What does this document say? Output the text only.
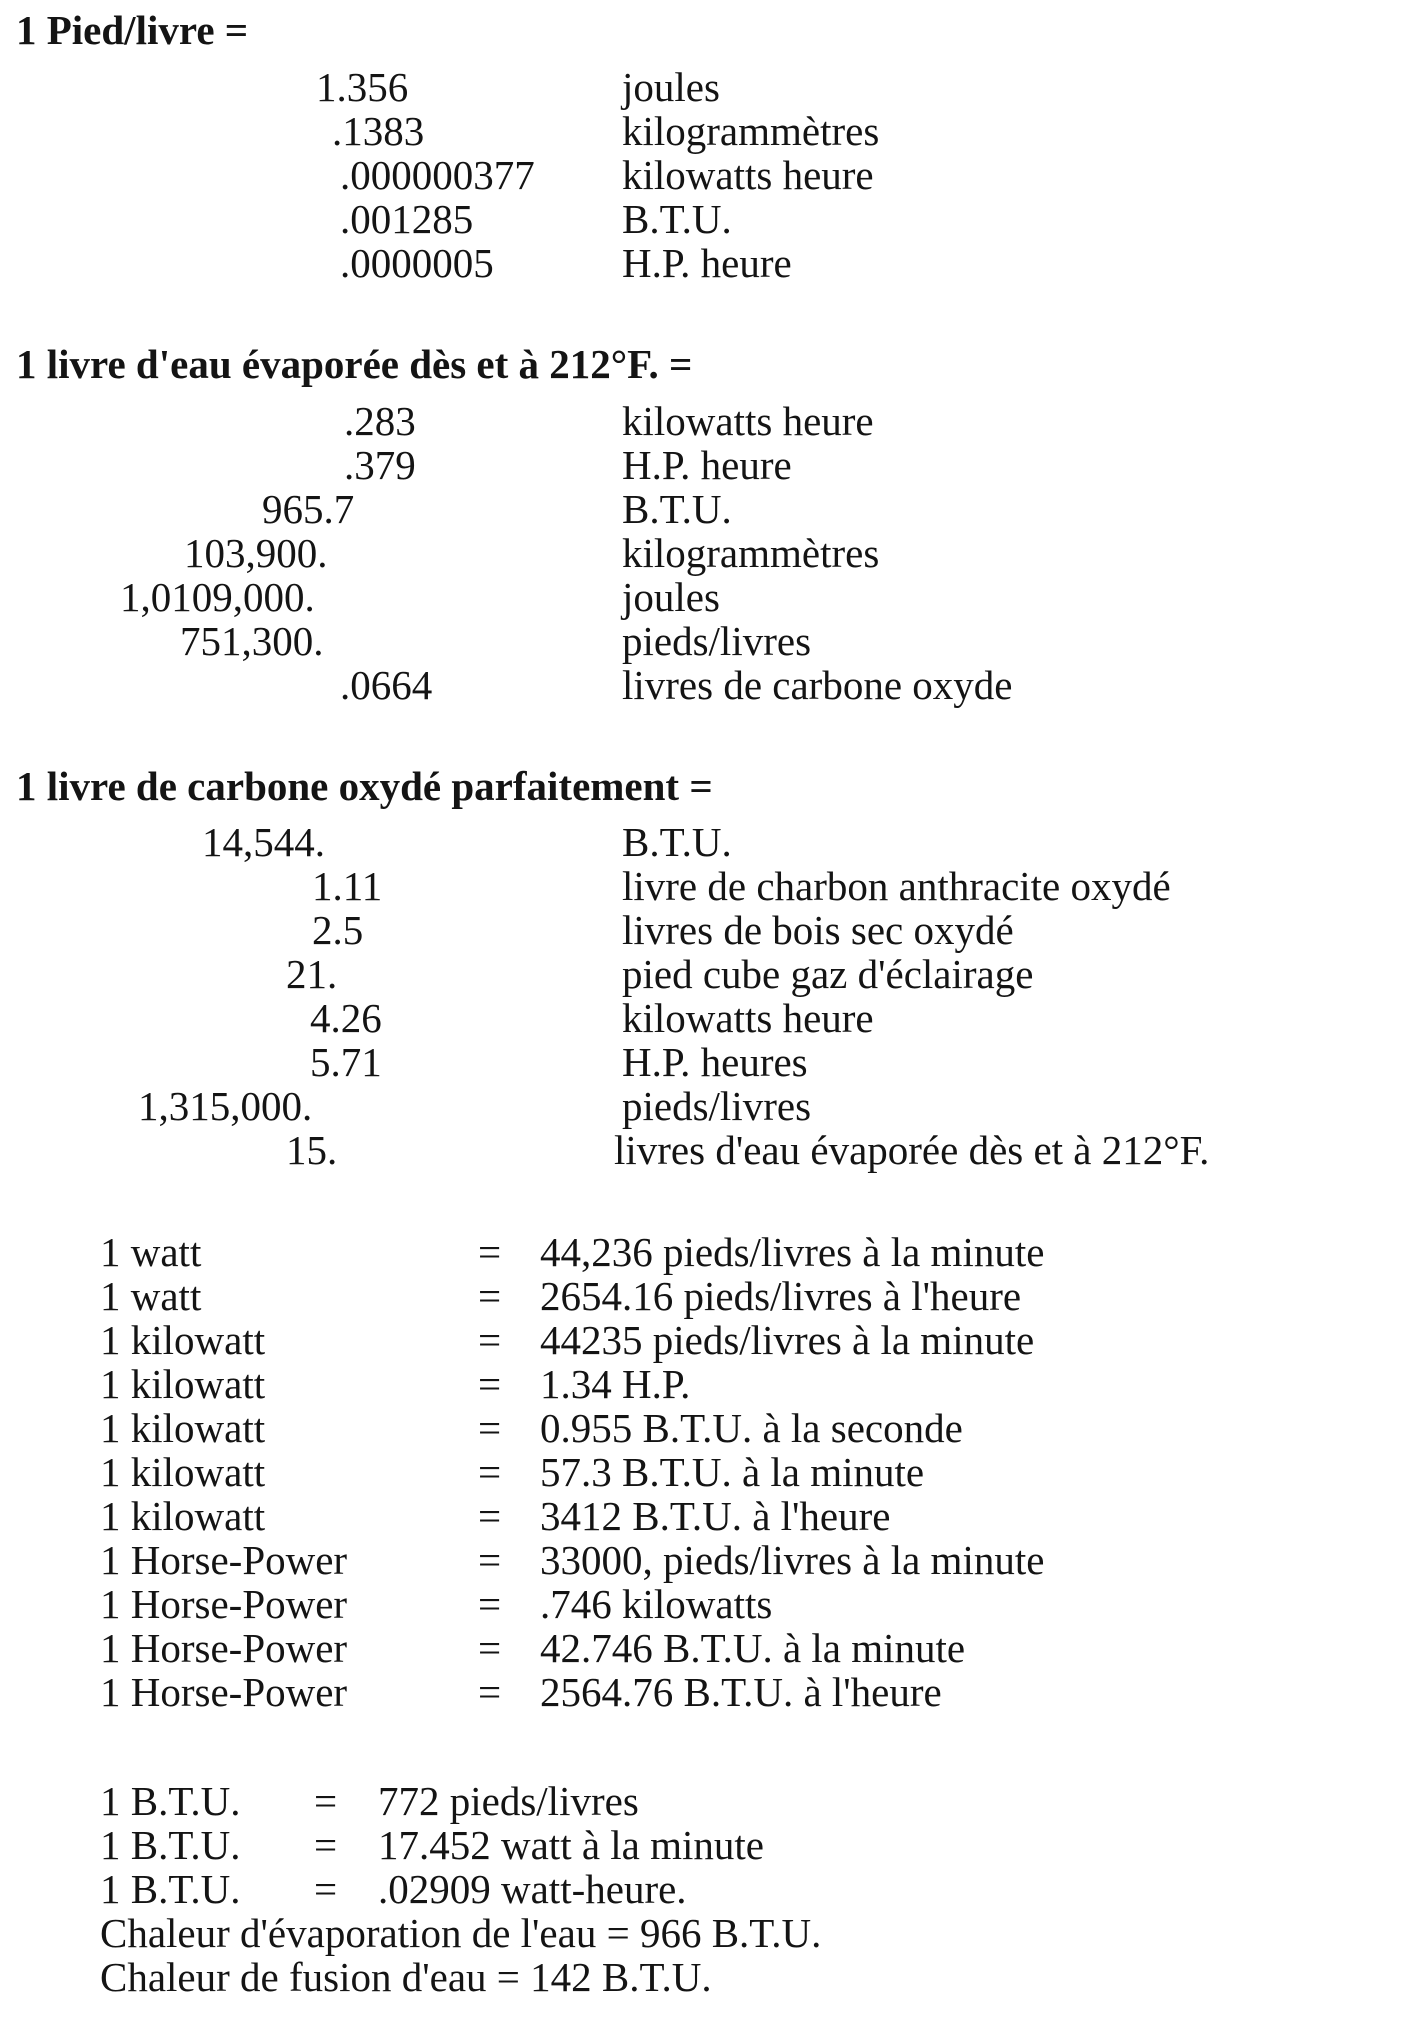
1 Pied/livre =
1.356	joules
.1383	kilogrammètres
.000000377 kilowatts heure
.001285	B.T.U.
.0000005	H.P. heure
1 livre d'eau évaporée dès et à 212°F. =
.283	kilowatts heure
.379	H.P. heure
965.7	B.T.U.
103,900.	kilogrammètres
1,0109,000.	joules
751,300.	pieds/livres
.0664	livres de carbone oxyde
1 livre de carbone oxydé parfaitement =
14,544.	B.T.U.
1.11	livre de charbon anthracite oxydé
2.5	livres de bois sec oxydé
21.	pied cube gaz d'éclairage
4.26	kilowatts heure
5.71	H.P. heures
1,315,000.	pieds/livres
15.	livres d'eau évaporée dès et à 212°F.
1 watt	= 44,236 pieds/livres à la minute
1 watt	= 2654.16 pieds/livres à l'heure
1 kilowatt	= 44235 pieds/livres à la minute
1 kilowatt	= 1.34 H.P.
1 kilowatt	= 0.955 B.T.U. à la seconde
1 kilowatt	= 57.3 B.T.U. à la minute
1 kilowatt	= 3412 B.T.U. à l'heure
1 Horse-Power	= 33000, pieds/livres à la minute
1 Horse-Power	= .746 kilowatts
1 Horse-Power	= 42.746 B.T.U. à la minute
1 Horse-Power	= 2564.76 B.T.U. à l'heure
1 B.T.U. = 772 pieds/livres
1 B.T.U. = 17.452 watt à la minute
1 B.T.U. = .02909 watt-heure.
Chaleur d'évaporation de l'eau = 966 B.T.U.
Chaleur de fusion d'eau = 142 B.T.U.
